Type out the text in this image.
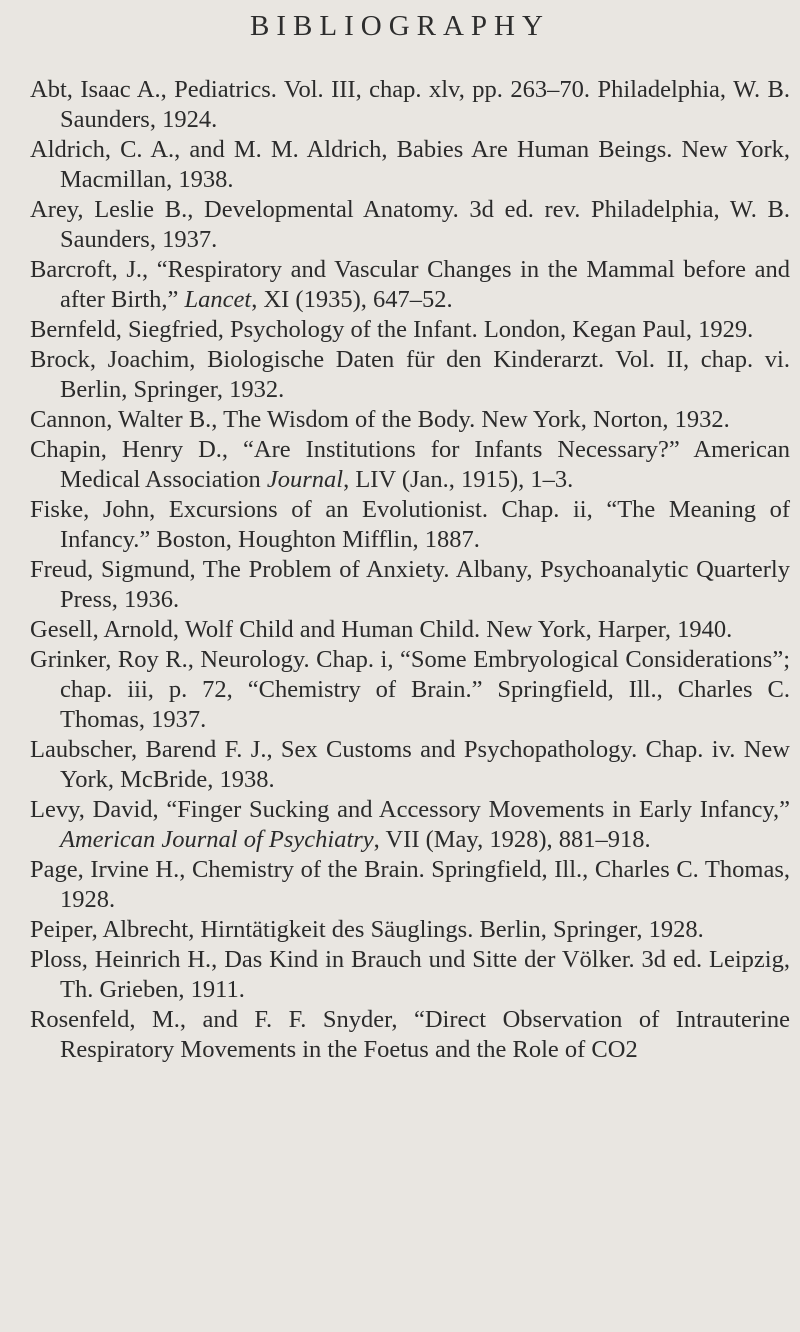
BIBLIOGRAPHY
Abt, Isaac A., Pediatrics. Vol. III, chap. xlv, pp. 263–70. Philadelphia, W. B. Saunders, 1924.
Aldrich, C. A., and M. M. Aldrich, Babies Are Human Beings. New York, Macmillan, 1938.
Arey, Leslie B., Developmental Anatomy. 3d ed. rev. Philadelphia, W. B. Saunders, 1937.
Barcroft, J., “Respiratory and Vascular Changes in the Mammal before and after Birth,” Lancet, XI (1935), 647–52.
Bernfeld, Siegfried, Psychology of the Infant. London, Kegan Paul, 1929.
Brock, Joachim, Biologische Daten für den Kinderarzt. Vol. II, chap. vi. Berlin, Springer, 1932.
Cannon, Walter B., The Wisdom of the Body. New York, Norton, 1932.
Chapin, Henry D., “Are Institutions for Infants Necessary?” American Medical Association Journal, LIV (Jan., 1915), 1–3.
Fiske, John, Excursions of an Evolutionist. Chap. ii, “The Meaning of Infancy.” Boston, Houghton Mifflin, 1887.
Freud, Sigmund, The Problem of Anxiety. Albany, Psychoanalytic Quarterly Press, 1936.
Gesell, Arnold, Wolf Child and Human Child. New York, Harper, 1940.
Grinker, Roy R., Neurology. Chap. i, “Some Embryological Considerations”; chap. iii, p. 72, “Chemistry of Brain.” Springfield, Ill., Charles C. Thomas, 1937.
Laubscher, Barend F. J., Sex Customs and Psychopathology. Chap. iv. New York, McBride, 1938.
Levy, David, “Finger Sucking and Accessory Movements in Early Infancy,” American Journal of Psychiatry, VII (May, 1928), 881–918.
Page, Irvine H., Chemistry of the Brain. Springfield, Ill., Charles C. Thomas, 1928.
Peiper, Albrecht, Hirntätigkeit des Säuglings. Berlin, Springer, 1928.
Ploss, Heinrich H., Das Kind in Brauch und Sitte der Völker. 3d ed. Leipzig, Th. Grieben, 1911.
Rosenfeld, M., and F. F. Snyder, “Direct Observation of Intrauterine Respiratory Movements in the Foetus and the Role of CO2
